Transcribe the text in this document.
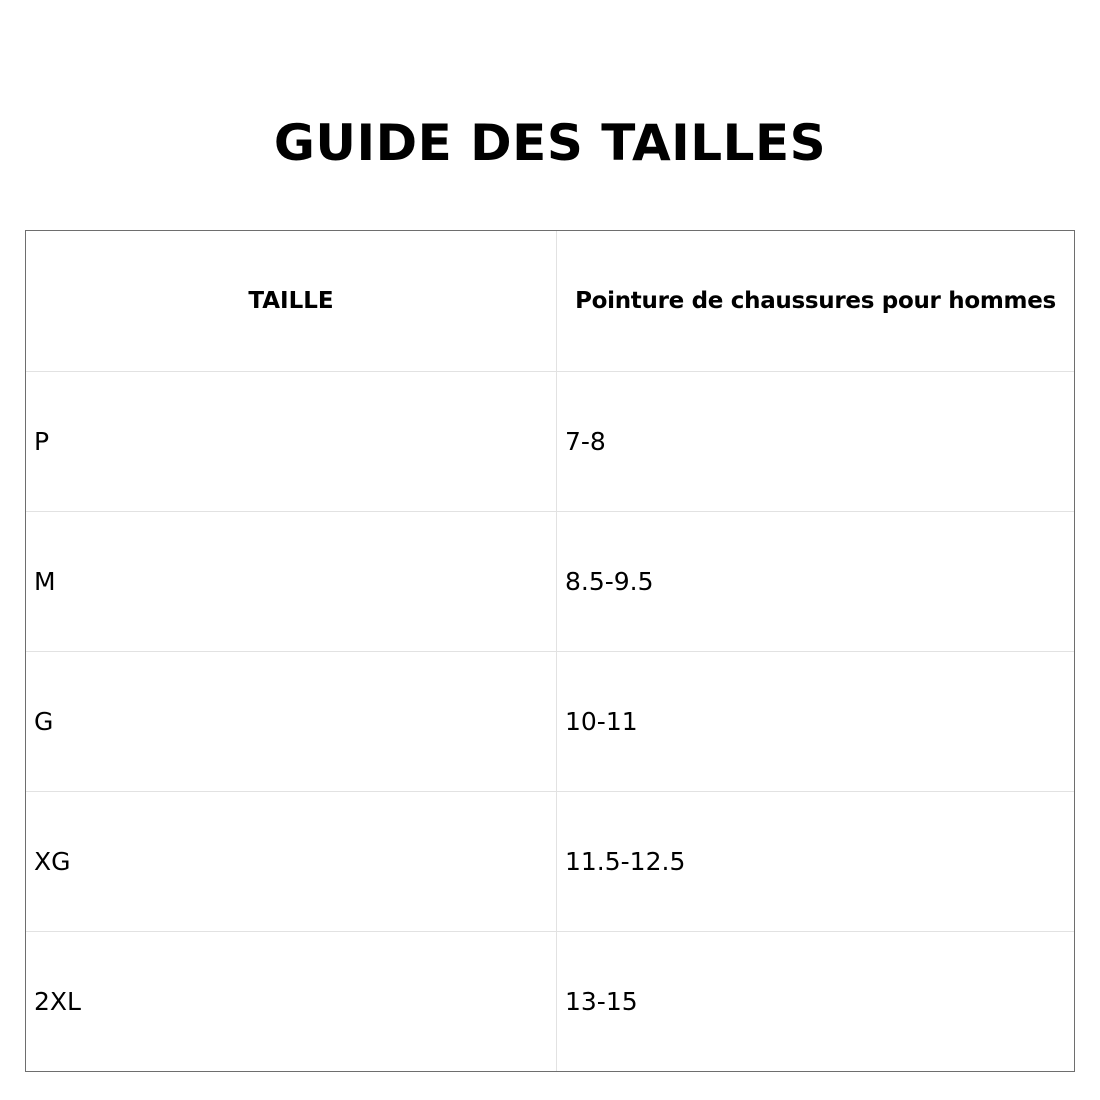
GUIDE DES TAILLES
TAILLE	Pointure de chaussures pour hommes
P	7-8
M	8.5-9.5
G	10-11
XG	11.5-12.5
2XL	13-15
